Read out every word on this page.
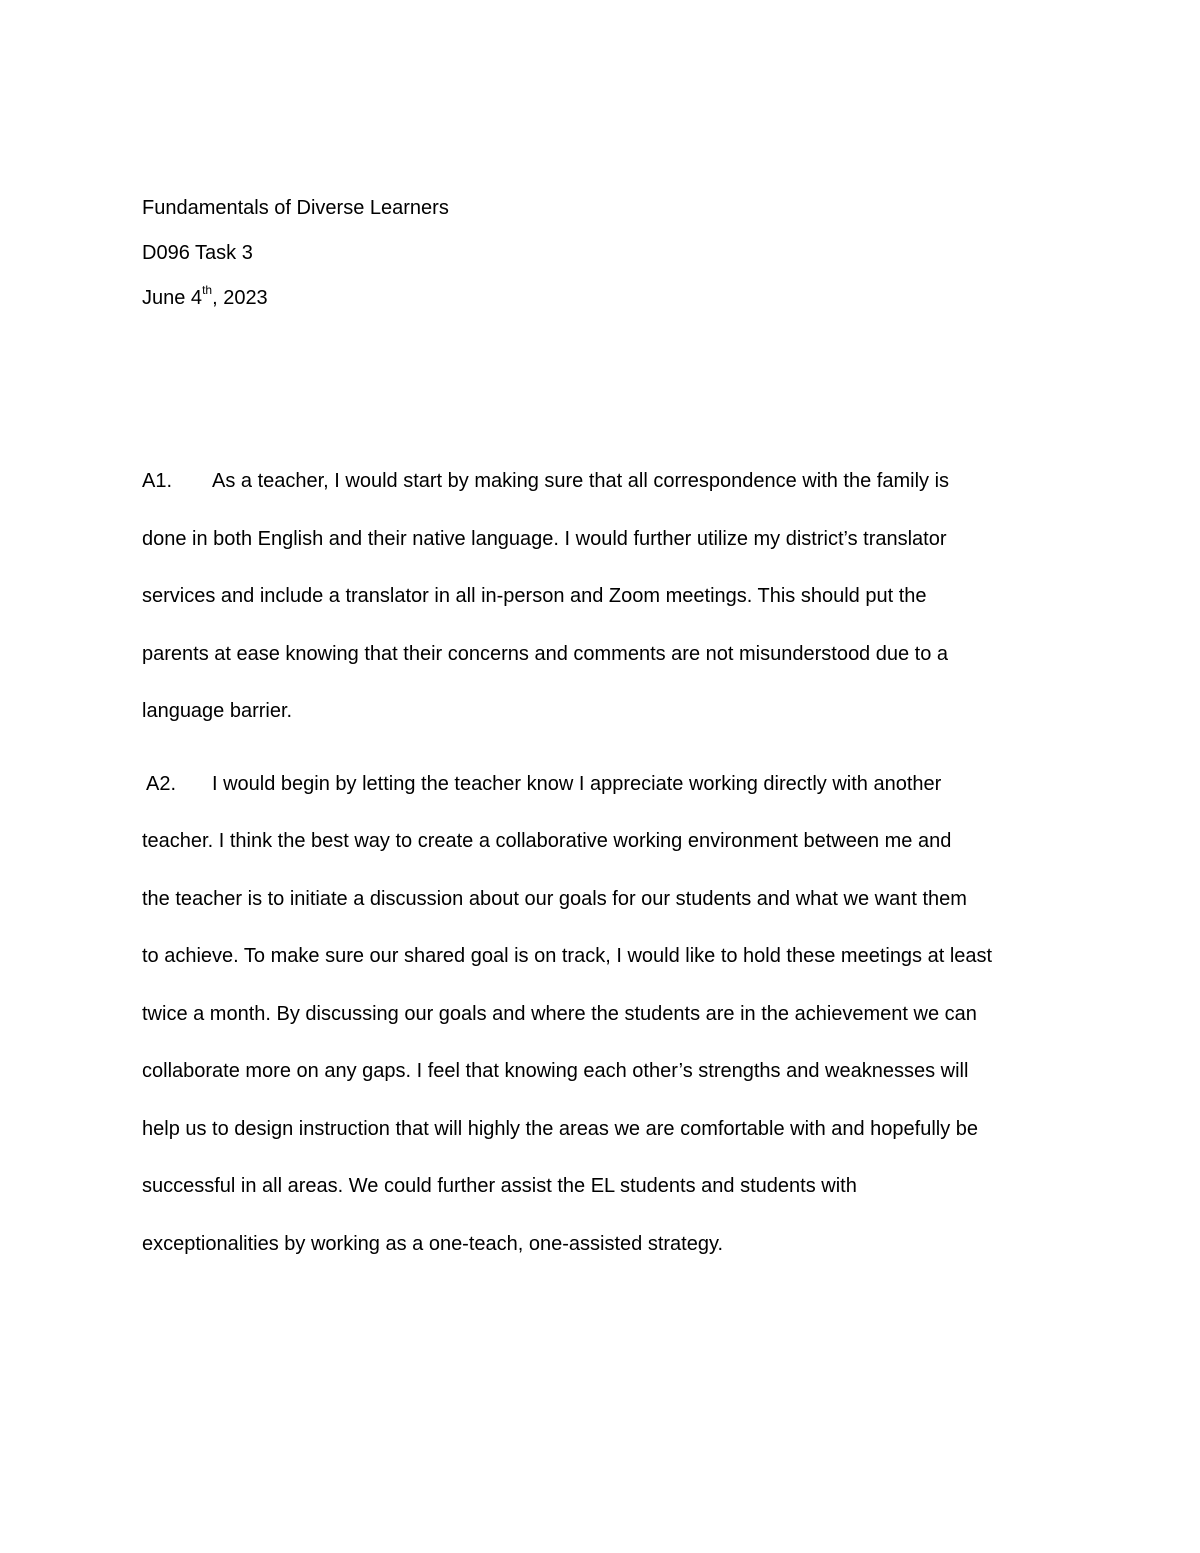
Fundamentals of Diverse Learners
D096 Task 3
June 4th, 2023

A1. As a teacher, I would start by making sure that all correspondence with the family is
done in both English and their native language. I would further utilize my district’s translator
services and include a translator in all in-person and Zoom meetings. This should put the
parents at ease knowing that their concerns and comments are not misunderstood due to a
language barrier.

A2. I would begin by letting the teacher know I appreciate working directly with another
teacher. I think the best way to create a collaborative working environment between me and
the teacher is to initiate a discussion about our goals for our students and what we want them
to achieve. To make sure our shared goal is on track, I would like to hold these meetings at least
twice a month. By discussing our goals and where the students are in the achievement we can
collaborate more on any gaps. I feel that knowing each other’s strengths and weaknesses will
help us to design instruction that will highly the areas we are comfortable with and hopefully be
successful in all areas. We could further assist the EL students and students with
exceptionalities by working as a one-teach, one-assisted strategy.
